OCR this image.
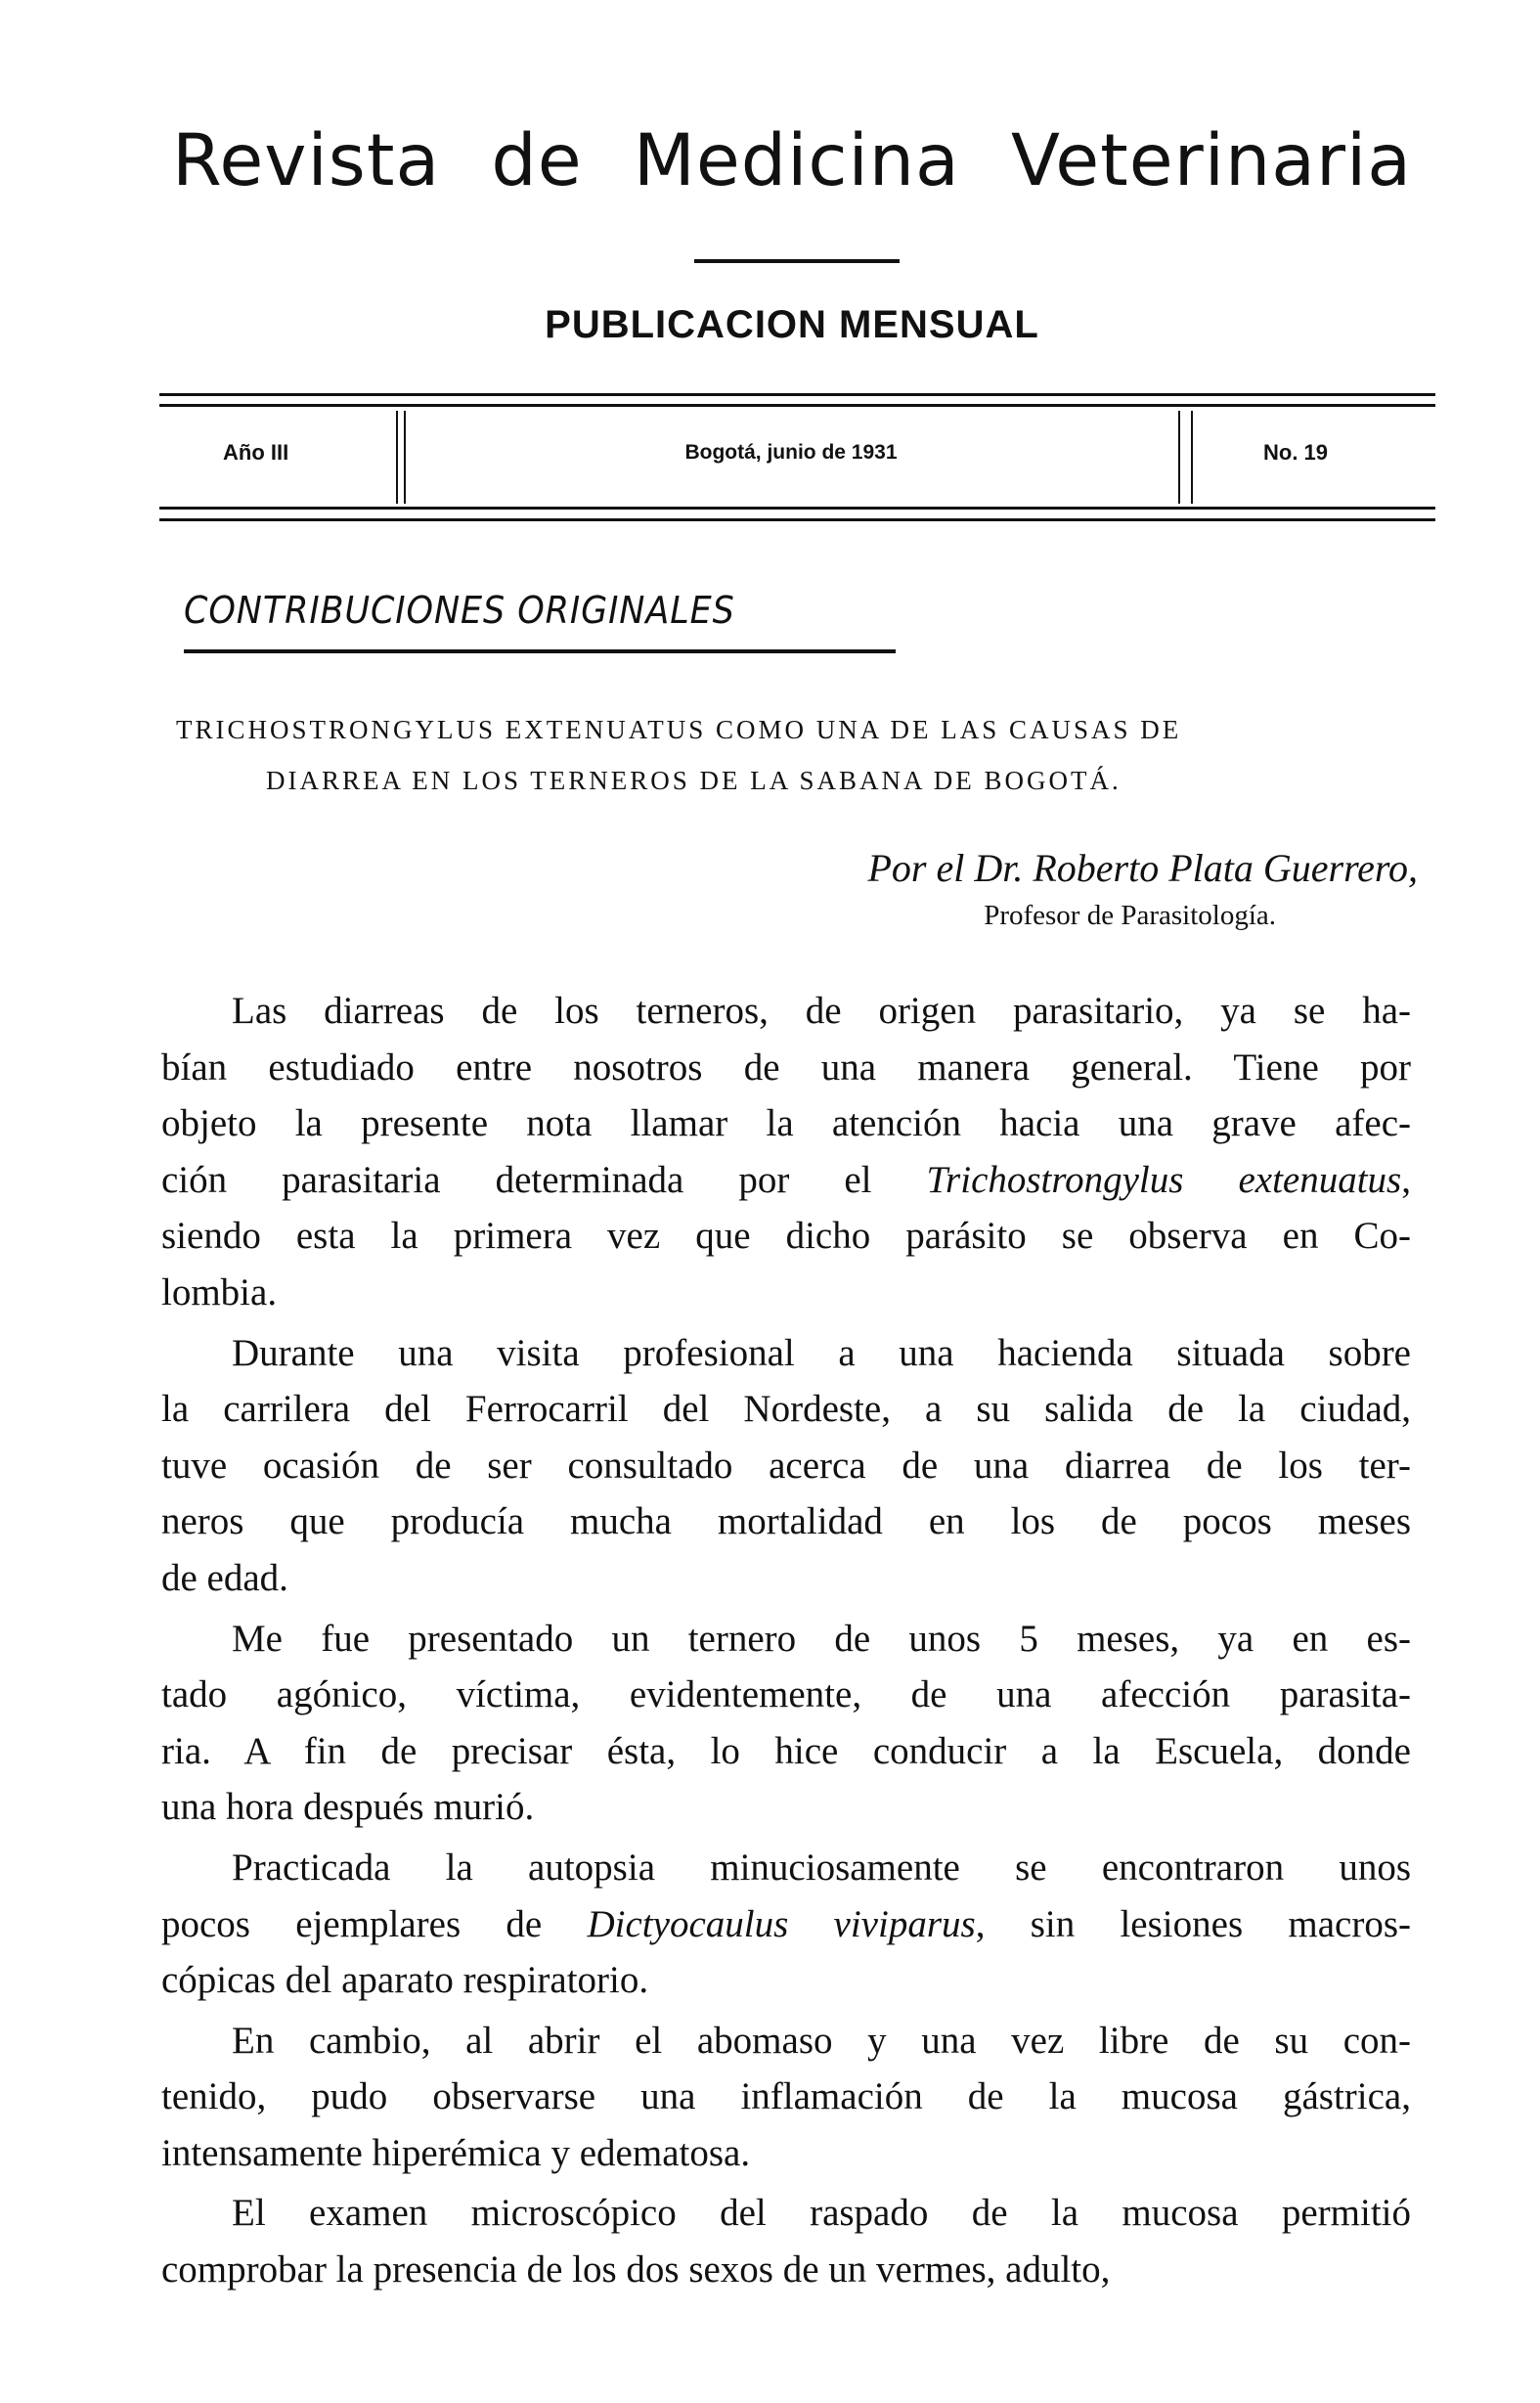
Revista de Medicina Veterinaria
PUBLICACION MENSUAL
Año III	Bogotá, junio de 1931	No. 19
CONTRIBUCIONES ORIGINALES
TRICHOSTRONGYLUS EXTENUATUS COMO UNA DE LAS CAUSAS DE
DIARREA EN LOS TERNEROS DE LA SABANA DE BOGOTÁ.
Por el Dr. Roberto Plata Guerrero,
Profesor de Parasitología.
Las diarreas de los terneros, de origen parasitario, ya se ha-
bían estudiado entre nosotros de una manera general. Tiene por
objeto la presente nota llamar la atención hacia una grave afec-
ción parasitaria determinada por el Trichostrongylus extenuatus,
siendo esta la primera vez que dicho parásito se observa en Co-
lombia.
Durante una visita profesional a una hacienda situada sobre
la carrilera del Ferrocarril del Nordeste, a su salida de la ciudad,
tuve ocasión de ser consultado acerca de una diarrea de los ter-
neros que producía mucha mortalidad en los de pocos meses
de edad.
Me fue presentado un ternero de unos 5 meses, ya en es-
tado agónico, víctima, evidentemente, de una afección parasita-
ria. A fin de precisar ésta, lo hice conducir a la Escuela, donde
una hora después murió.
Practicada la autopsia minuciosamente se encontraron unos
pocos ejemplares de Dictyocaulus viviparus, sin lesiones macros-
cópicas del aparato respiratorio.
En cambio, al abrir el abomaso y una vez libre de su con-
tenido, pudo observarse una inflamación de la mucosa gástrica,
intensamente hiperémica y edematosa.
El examen microscópico del raspado de la mucosa permitió
comprobar la presencia de los dos sexos de un vermes, adulto,
